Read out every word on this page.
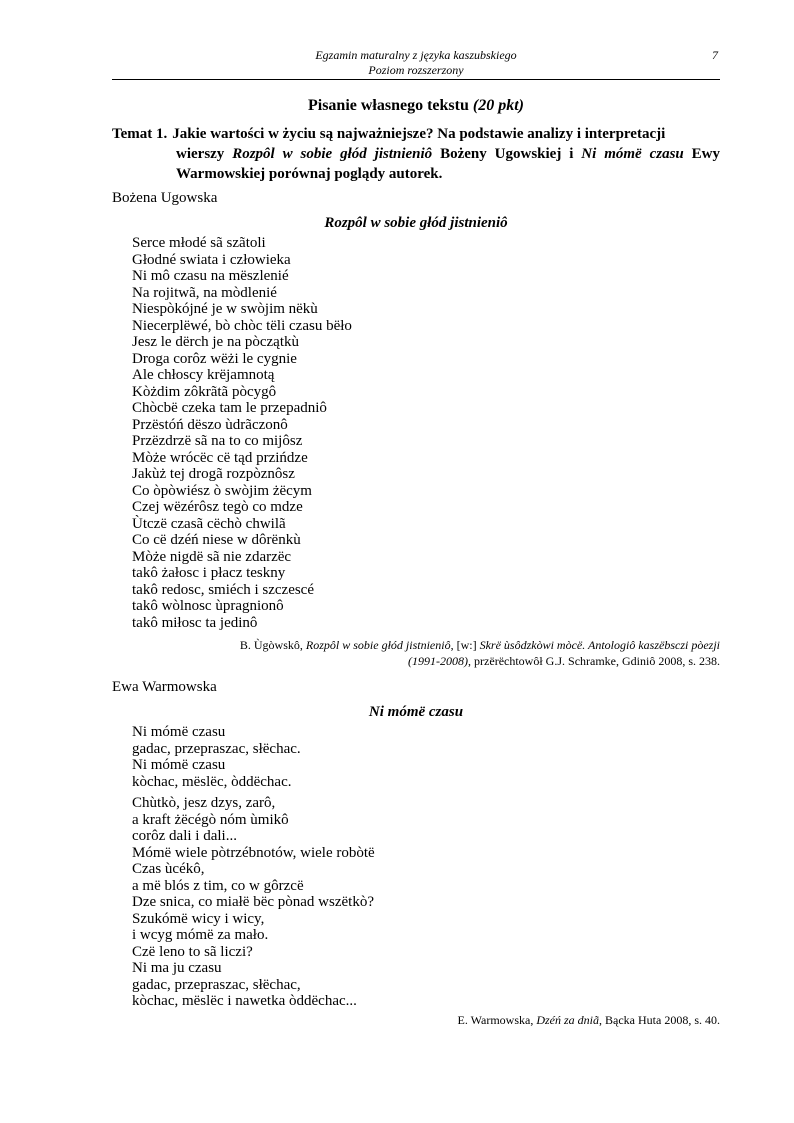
Egzamin maturalny z języka kaszubskiego
Poziom rozszerzony
7
Pisanie własnego tekstu (20 pkt)
Temat 1. Jakie wartości w życiu są najważniejsze? Na podstawie analizy i interpretacji
wierszy Rozpôl w sobie głód jistnieniô Bożeny Ugowskiej i Ni mómë czasu Ewy Warmowskiej porównaj poglądy autorek.
Bożena Ugowska
Rozpôl w sobie głód jistnieniô
Serce młodé sã szãtoli
Głodné swiata i człowieka
Ni mô czasu na mëszlenié
Na rojitwã, na mòdlenié
Niespòkójné je w swòjim nëkù
Niecerplëwé, bò chòc tëli czasu bëło
Jesz le dërch je na pòczątkù
Droga corôz wëżi le cygnie
Ale chłoscy krëjamnotą
Kòżdim zôkrãtã pòcygô
Chòcbë czeka tam le przepadniô
Przëstóń dëszo ùdrãczonô
Przëzdrzë sã na to co mijôsz
Mòże wrócëc cë tąd przińdze
Jakùż tej drogã rozpòznôsz
Co òpòwiész ò swòjim żëcym
Czej wëzérôsz tegò co mdze
Ùtczë czasã cëchò chwilã
Co cë dzéń niese w dôrënkù
Mòże nigdë sã nie zdarzëc
takô żałosc i płacz teskny
takô redosc, smiéch i szczescé
takô wòlnosc ùpragnionô
takô miłosc ta jedinô
B. Ùgòwskô, Rozpôl w sobie głód jistnieniô, [w:] Skrë ùsôdzkòwi mòcë. Antologiô kaszëbsczi pòezji
(1991-2008), przërëchtowôł G.J. Schramke, Gdiniô 2008, s. 238.
Ewa Warmowska
Ni mómë czasu
Ni mómë czasu
gadac, przepraszac, słëchac.
Ni mómë czasu
kòchac, mëslëc, òddëchac.
Chùtkò, jesz dzys, zarô,
a kraft żëcégò nóm ùmikô
corôz dali i dali...
Mómë wiele pòtrzébnotów, wiele robòtë
Czas ùcékô,
a më blós z tim, co w gôrzcë
Dze snica, co miałë bëc pònad wszëtkò?
Szukómë wicy i wicy,
i wcyg mómë za mało.
Czë leno to sã liczi?
Ni ma ju czasu
gadac, przepraszac, słëchac,
kòchac, mëslëc i nawetka òddëchac...
E. Warmowska, Dzéń za dniã, Bącka Huta 2008, s. 40.
